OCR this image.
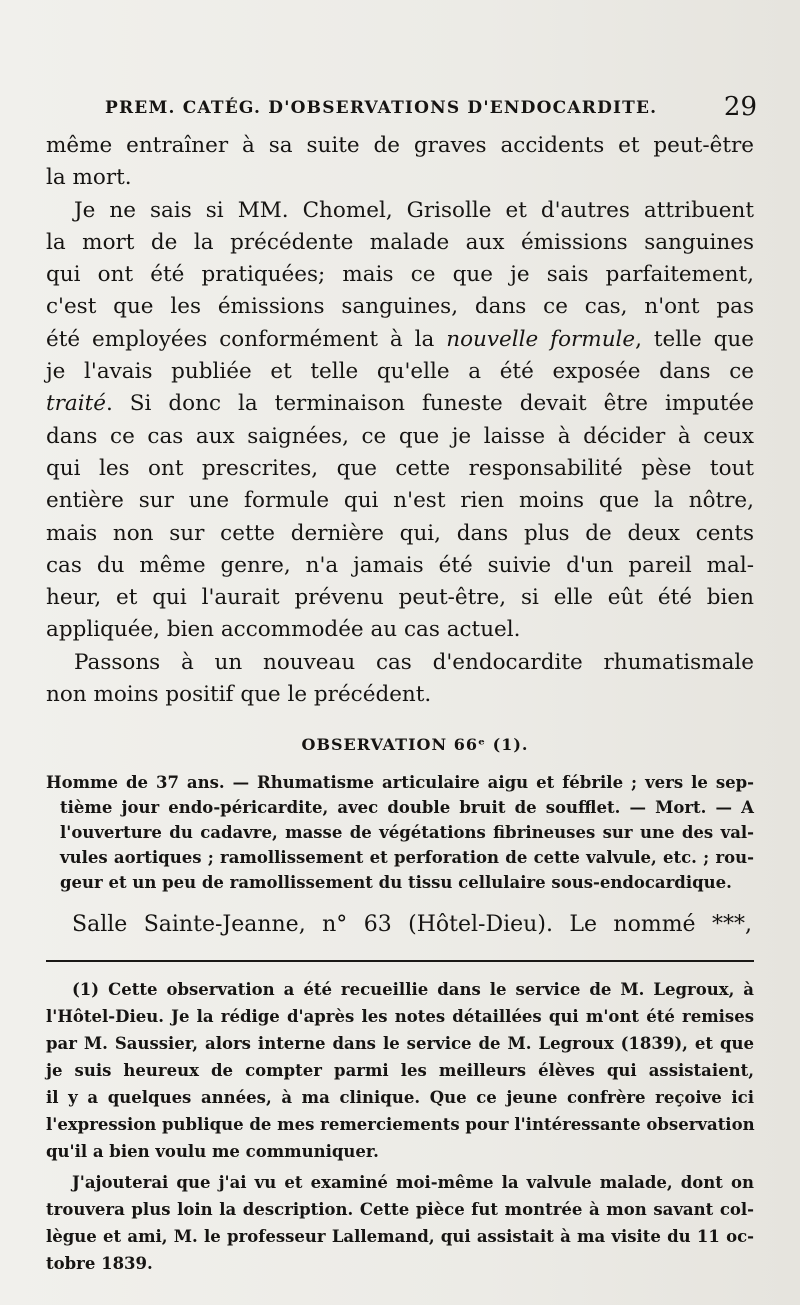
PREM. CATÉG. D'OBSERVATIONS D'ENDOCARDITE.	29
même entraîner à sa suite de graves accidents et peut-être
la mort.
Je ne sais si MM. Chomel, Grisolle et d'autres attribuent
la mort de la précédente malade aux émissions sanguines
qui ont été pratiquées; mais ce que je sais parfaitement,
c'est que les émissions sanguines, dans ce cas, n'ont pas
été employées conformément à la nouvelle formule, telle que
je l'avais publiée et telle qu'elle a été exposée dans ce
traité. Si donc la terminaison funeste devait être imputée
dans ce cas aux saignées, ce que je laisse à décider à ceux
qui les ont prescrites, que cette responsabilité pèse tout
entière sur une formule qui n'est rien moins que la nôtre,
mais non sur cette dernière qui, dans plus de deux cents
cas du même genre, n'a jamais été suivie d'un pareil mal-
heur, et qui l'aurait prévenu peut-être, si elle eût été bien
appliquée, bien accommodée au cas actuel.
Passons à un nouveau cas d'endocardite rhumatismale
non moins positif que le précédent.
OBSERVATION 66ᵉ (1).
Homme de 37 ans. — Rhumatisme articulaire aigu et fébrile ; vers le sep-
tième jour endo-péricardite, avec double bruit de soufflet. — Mort. — A
l'ouverture du cadavre, masse de végétations fibrineuses sur une des val-
vules aortiques ; ramollissement et perforation de cette valvule, etc. ; rou-
geur et un peu de ramollissement du tissu cellulaire sous-endocardique.
Salle Sainte-Jeanne, n° 63 (Hôtel-Dieu). Le nommé ***,
(1) Cette observation a été recueillie dans le service de M. Legroux, à
l'Hôtel-Dieu. Je la rédige d'après les notes détaillées qui m'ont été remises
par M. Saussier, alors interne dans le service de M. Legroux (1839), et que
je suis heureux de compter parmi les meilleurs élèves qui assistaient,
il y a quelques années, à ma clinique. Que ce jeune confrère reçoive ici
l'expression publique de mes remerciements pour l'intéressante observation
qu'il a bien voulu me communiquer.
J'ajouterai que j'ai vu et examiné moi-même la valvule malade, dont on
trouvera plus loin la description. Cette pièce fut montrée à mon savant col-
lègue et ami, M. le professeur Lallemand, qui assistait à ma visite du 11 oc-
tobre 1839.
